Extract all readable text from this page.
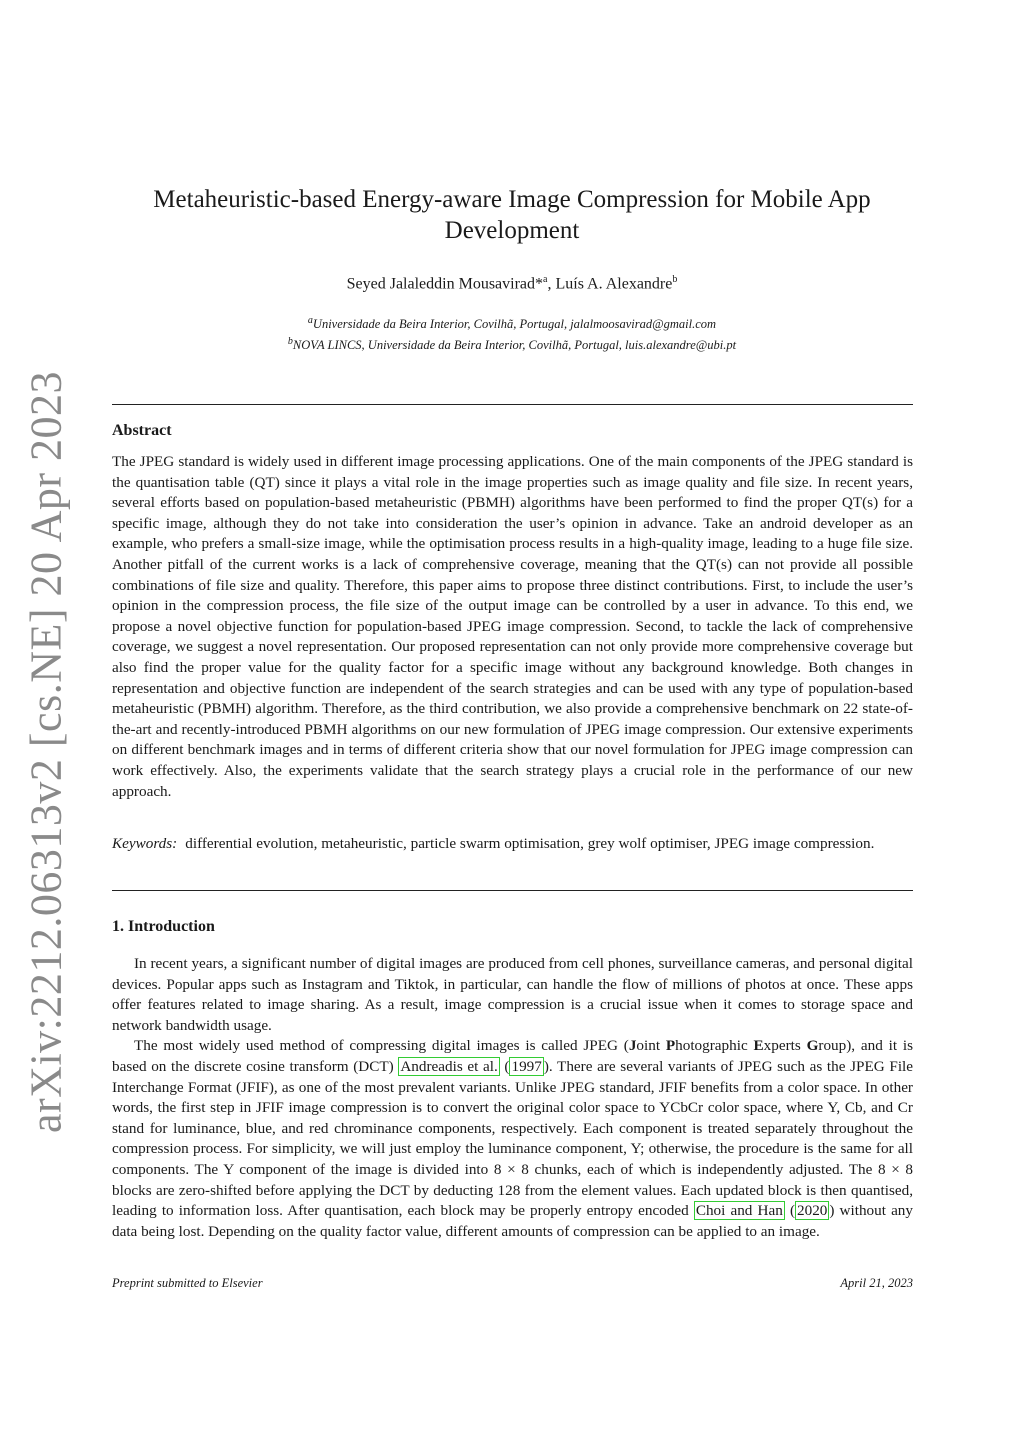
arXiv:2212.06313v2 [cs.NE] 20 Apr 2023
Metaheuristic-based Energy-aware Image Compression for Mobile App Development
Seyed Jalaleddin Mousavirad*$^a$, Luís A. Alexandre$^b$
$^a$Universidade da Beira Interior, Covilhã, Portugal, jalalmoosavirad@gmail.com
$^b$NOVA LINCS, Universidade da Beira Interior, Covilhã, Portugal, luis.alexandre@ubi.pt
Abstract
The JPEG standard is widely used in different image processing applications. One of the main components of the JPEG standard is the quantisation table (QT) since it plays a vital role in the image properties such as image quality and file size. In recent years, several efforts based on population-based metaheuristic (PBMH) algorithms have been performed to find the proper QT(s) for a specific image, although they do not take into consideration the user’s opinion in advance. Take an android developer as an example, who prefers a small-size image, while the optimisation process results in a high-quality image, leading to a huge file size. Another pitfall of the current works is a lack of comprehensive coverage, meaning that the QT(s) can not provide all possible combinations of file size and quality. Therefore, this paper aims to propose three distinct contributions. First, to include the user’s opinion in the compression process, the file size of the output image can be controlled by a user in advance. To this end, we propose a novel objective function for population-based JPEG image compression. Second, to tackle the lack of comprehensive coverage, we suggest a novel representation. Our proposed representation can not only provide more comprehensive coverage but also find the proper value for the quality factor for a specific image without any background knowledge. Both changes in representation and objective function are independent of the search strategies and can be used with any type of population-based metaheuristic (PBMH) algorithm. Therefore, as the third contribution, we also provide a comprehensive benchmark on 22 state-of-the-art and recently-introduced PBMH algorithms on our new formulation of JPEG image compression. Our extensive experiments on different benchmark images and in terms of different criteria show that our novel formulation for JPEG image compression can work effectively. Also, the experiments validate that the search strategy plays a crucial role in the performance of our new approach.
Keywords: differential evolution, metaheuristic, particle swarm optimisation, grey wolf optimiser, JPEG image compression.
1. Introduction

In recent years, a significant number of digital images are produced from cell phones, surveillance cameras, and personal digital devices. Popular apps such as Instagram and Tiktok, in particular, can handle the flow of millions of photos at once. These apps offer features related to image sharing. As a result, image compression is a crucial issue when it comes to storage space and network bandwidth usage.

The most widely used method of compressing digital images is called JPEG (Joint Photographic Experts Group), and it is based on the discrete cosine transform (DCT) Andreadis et al. ( 1997 ). There are several variants of JPEG such as the JPEG File Interchange Format (JFIF), as one of the most prevalent variants. Unlike JPEG standard, JFIF benefits from a color space. In other words, the first step in JFIF image compression is to convert the original color space to YCbCr color space, where Y, Cb, and Cr stand for luminance, blue, and red chrominance components, respectively. Each component is treated separately throughout the compression process. For simplicity, we will just employ the luminance component, Y; otherwise, the procedure is the same for all components. The Y component of the image is divided into 8 × 8 chunks, each of which is independently adjusted. The 8 × 8 blocks are zero-shifted before applying the DCT by deducting 128 from the element values. Each updated block is then quantised, leading to information loss. After quantisation, each block may be properly entropy encoded Choi and Han ( 2020 ) without any data being lost. Depending on the quality factor value, different amounts of compression can be applied to an image.

Preprint submitted to Elsevier	April 21, 2023
